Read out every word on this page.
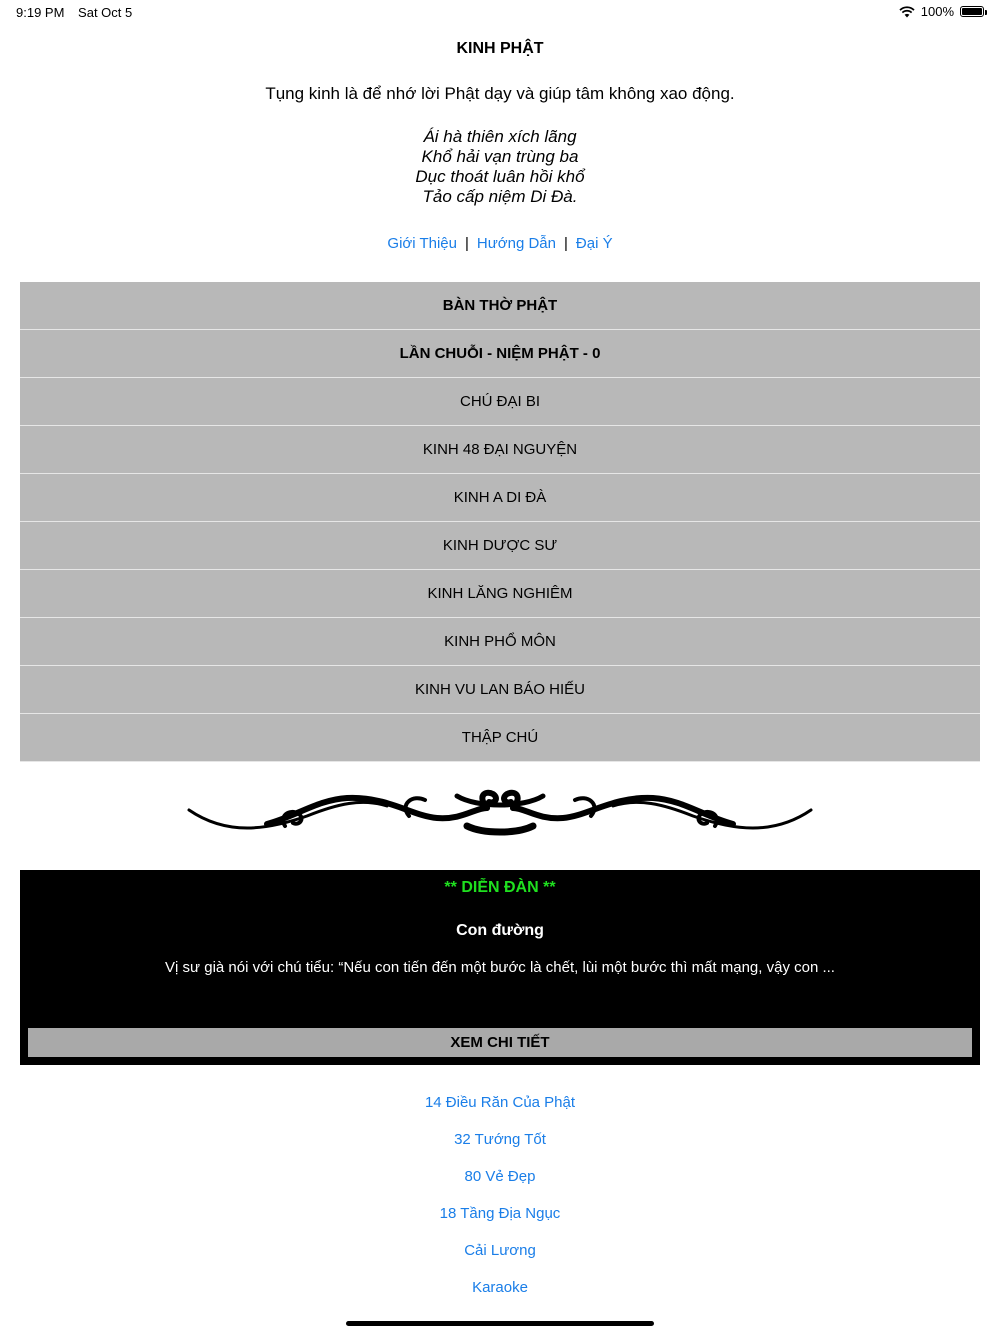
9:19 PM Sat Oct 5	100%
KINH PHẬT
Tụng kinh là để nhớ lời Phật dạy và giúp tâm không xao động.
Ái hà thiên xích lãng
Khổ hải vạn trùng ba
Dục thoát luân hồi khổ
Tảo cấp niệm Di Đà.
Giới Thiệu | Hướng Dẫn | Đại Ý
BÀN THỜ PHẬT
LẦN CHUỖI - NIỆM PHẬT - 0
CHÚ ĐẠI BI
KINH 48 ĐẠI NGUYỆN
KINH A DI ĐÀ
KINH DƯỢC SƯ
KINH LĂNG NGHIÊM
KINH PHỔ MÔN
KINH VU LAN BÁO HIẾU
THẬP CHÚ
** DIỄN ĐÀN **
Con đường
Vị sư già nói với chú tiểu: “Nếu con tiến đến một bước là chết, lùi một bước thì mất mạng, vậy con ...
XEM CHI TIẾT
14 Điều Răn Của Phật
32 Tướng Tốt
80 Vẻ Đẹp
18 Tầng Địa Ngục
Cải Lương
Karaoke
